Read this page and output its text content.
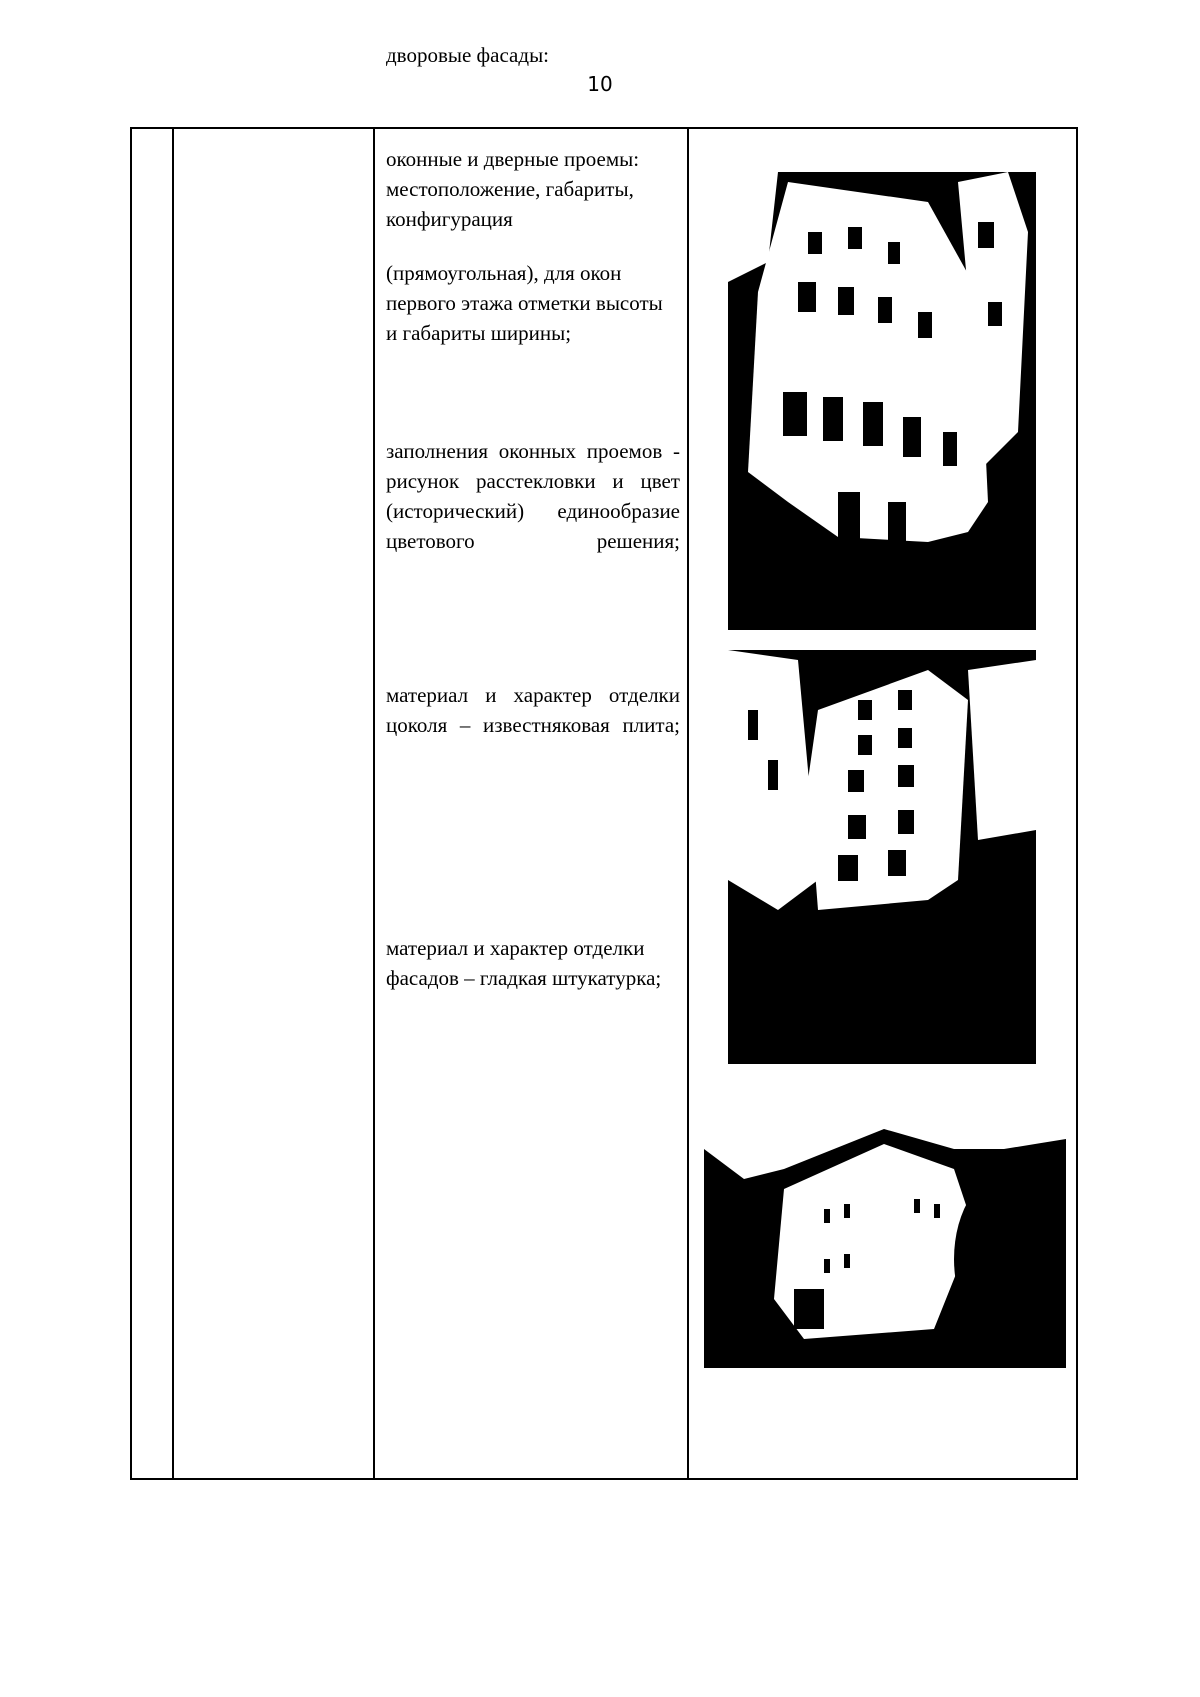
10

дворовые фасады:

оконные и дверные проемы: местоположение, габариты, конфигурация

(прямоугольная), для окон первого этажа отметки высоты и габариты ширины;

заполнения оконных проемов - рисунок расстекловки и цвет (исторический) единообразие цветового решения;

материал и характер отделки цоколя – известняковая плита;

материал и характер отделки фасадов – гладкая штукатурка;
